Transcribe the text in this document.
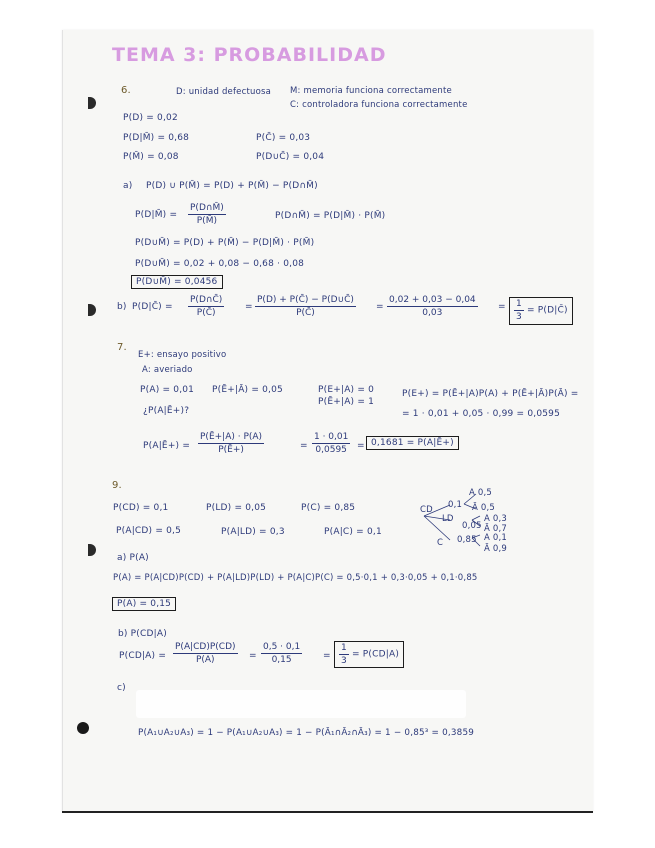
TEMA 3: PROBABILIDAD
6.	D: unidad defectuosa M: memoria funciona correctamente
C: controladora funciona correctamente
P(D) = 0,02
P(D|M̄) = 0,68	P(C̄) = 0,03
P(M̄) = 0,08	P(D∪C̄) = 0,04
a) P(D) ∪ P(M̄) = P(D) + P(M̄) − P(D∩M̄)
P(D|M̄) = $\frac{P(D\cap M̄)}{P(M̄)}$	P(D∩M̄) = P(D|M̄) · P(M̄)
P(D∪M̄) = P(D) + P(M̄) − P(D|M̄) · P(M̄)
P(D∪M̄) = 0,02 + 0,08 − 0,68 · 0,08
P(D∪M̄) = 0,0456
b) P(D|C̄) = $\frac{P(D\cap C̄)}{P(C̄)} = \frac{P(D) + P(C̄) - P(D\cup C̄)}{P(C̄)} = \frac{0,02 + 0,03 - 0,04}{0,03} = \frac{1}{3}$ = P(D|C̄)
7.
E+: ensayo positivo
A: averiado
P(A) = 0,01 P(Ē+|Ā) = 0,05	P(E+|A) = 0
P(Ē+|A) = 1
P(E+) = P(Ē+|A)P(A) + P(Ē+|Ā)P(Ā) =
= 1 · 0,01 + 0,05 · 0,99 = 0,0595
¿P(A|Ē+)?
P(A|Ē+) = $\frac{P(Ē+|A) \cdot P(A)}{P(Ē+)}$	= $\frac{1 \cdot 0,01}{0,0595} = 0,1681$ = P(A|Ē+)
9.
P(CD) = 0,1	P(LD) = 0,05	P(C) = 0,85
P(A|CD) = 0,5	P(A|LD) = 0,3	P(A|C) = 0,1
CD 0,1
A 0,5
Ā 0,5
LD
0,05
A 0,3
Ā 0,7
C 0,85 A 0,1
Ā 0,9
a) P(A)
P(A) = P(A|CD)P(CD) + P(A|LD)P(LD) + P(A|C)P(C) = 0,5·0,1 + 0,3·0,05 + 0,1·0,85
P(A) = 0,15
b) P(CD|A)
$P(CD|A) = \frac{P(A|CD)P(CD)}{P(A)} = \frac{0,5 \cdot 0,1}{0,15} = \frac{1}{3} = P(CD|A)$
c)
P(A₁∪A₂∪A₃) = 1 − P(A₁∪A₂∪A₃) = 1 − P(Ā₁∩Ā₂∩Ā₃) = 1 − 0,85³ = 0,3859
